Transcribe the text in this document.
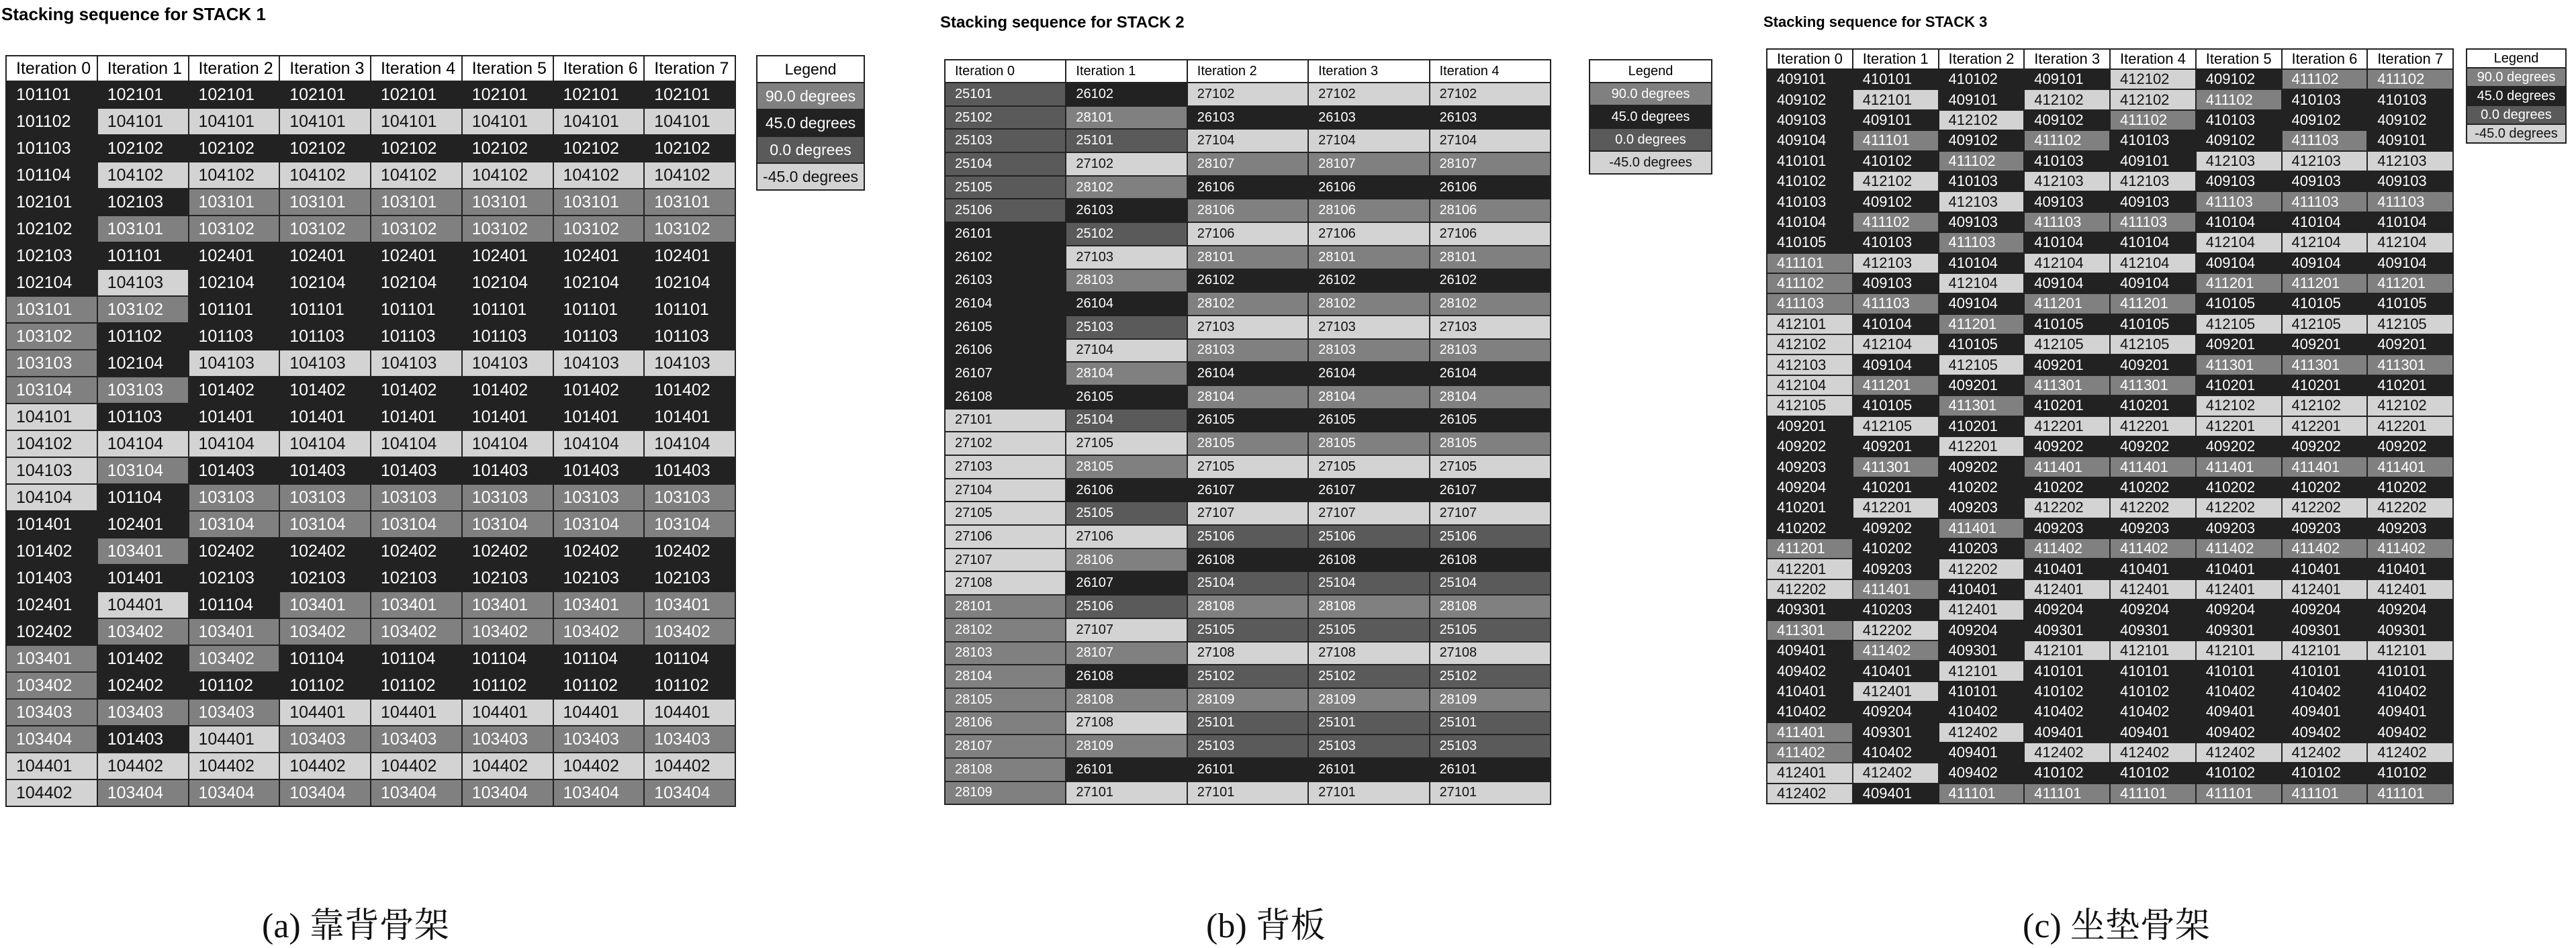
Stacking sequence for STACK 1
Iteration 0	Iteration 1	Iteration 2	Iteration 3	Iteration 4	Iteration 5	Iteration 6	Iteration 7
101101	102101	102101	102101	102101	102101	102101	102101
101102	104101	104101	104101	104101	104101	104101	104101
101103	102102	102102	102102	102102	102102	102102	102102
101104	104102	104102	104102	104102	104102	104102	104102
102101	102103	103101	103101	103101	103101	103101	103101
102102	103101	103102	103102	103102	103102	103102	103102
102103	101101	102401	102401	102401	102401	102401	102401
102104	104103	102104	102104	102104	102104	102104	102104
103101	103102	101101	101101	101101	101101	101101	101101
103102	101102	101103	101103	101103	101103	101103	101103
103103	102104	104103	104103	104103	104103	104103	104103
103104	103103	101402	101402	101402	101402	101402	101402
104101	101103	101401	101401	101401	101401	101401	101401
104102	104104	104104	104104	104104	104104	104104	104104
104103	103104	101403	101403	101403	101403	101403	101403
104104	101104	103103	103103	103103	103103	103103	103103
101401	102401	103104	103104	103104	103104	103104	103104
101402	103401	102402	102402	102402	102402	102402	102402
101403	101401	102103	102103	102103	102103	102103	102103
102401	104401	101104	103401	103401	103401	103401	103401
102402	103402	103401	103402	103402	103402	103402	103402
103401	101402	103402	101104	101104	101104	101104	101104
103402	102402	101102	101102	101102	101102	101102	101102
103403	103403	103403	104401	104401	104401	104401	104401
103404	101403	104401	103403	103403	103403	103403	103403
104401	104402	104402	104402	104402	104402	104402	104402
104402	103404	103404	103404	103404	103404	103404	103404
Legend
90.0 degrees
45.0 degrees
0.0 degrees
-45.0 degrees
(a) 靠背骨架
Stacking sequence for STACK 2
Iteration 0	Iteration 1	Iteration 2	Iteration 3	Iteration 4
25101	26102	27102	27102	27102
25102	28101	26103	26103	26103
25103	25101	27104	27104	27104
25104	27102	28107	28107	28107
25105	28102	26106	26106	26106
25106	26103	28106	28106	28106
26101	25102	27106	27106	27106
26102	27103	28101	28101	28101
26103	28103	26102	26102	26102
26104	26104	28102	28102	28102
26105	25103	27103	27103	27103
26106	27104	28103	28103	28103
26107	28104	26104	26104	26104
26108	26105	28104	28104	28104
27101	25104	26105	26105	26105
27102	27105	28105	28105	28105
27103	28105	27105	27105	27105
27104	26106	26107	26107	26107
27105	25105	27107	27107	27107
27106	27106	25106	25106	25106
27107	28106	26108	26108	26108
27108	26107	25104	25104	25104
28101	25106	28108	28108	28108
28102	27107	25105	25105	25105
28103	28107	27108	27108	27108
28104	26108	25102	25102	25102
28105	28108	28109	28109	28109
28106	27108	25101	25101	25101
28107	28109	25103	25103	25103
28108	26101	26101	26101	26101
28109	27101	27101	27101	27101
Legend
90.0 degrees
45.0 degrees
0.0 degrees
-45.0 degrees
(b) 背板
Stacking sequence for STACK 3
Iteration 0	Iteration 1	Iteration 2	Iteration 3	Iteration 4	Iteration 5	Iteration 6	Iteration 7
409101	410101	410102	409101	412102	409102	411102	411102
409102	412101	409101	412102	412102	411102	410103	410103
409103	409101	412102	409102	411102	410103	409102	409102
409104	411101	409102	411102	410103	409102	411103	409101
410101	410102	411102	410103	409101	412103	412103	412103
410102	412102	410103	412103	412103	409103	409103	409103
410103	409102	412103	409103	409103	411103	411103	411103
410104	411102	409103	411103	411103	410104	410104	410104
410105	410103	411103	410104	410104	412104	412104	412104
411101	412103	410104	412104	412104	409104	409104	409104
411102	409103	412104	409104	409104	411201	411201	411201
411103	411103	409104	411201	411201	410105	410105	410105
412101	410104	411201	410105	410105	412105	412105	412105
412102	412104	410105	412105	412105	409201	409201	409201
412103	409104	412105	409201	409201	411301	411301	411301
412104	411201	409201	411301	411301	410201	410201	410201
412105	410105	411301	410201	410201	412102	412102	412102
409201	412105	410201	412201	412201	412201	412201	412201
409202	409201	412201	409202	409202	409202	409202	409202
409203	411301	409202	411401	411401	411401	411401	411401
409204	410201	410202	410202	410202	410202	410202	410202
410201	412201	409203	412202	412202	412202	412202	412202
410202	409202	411401	409203	409203	409203	409203	409203
411201	410202	410203	411402	411402	411402	411402	411402
412201	409203	412202	410401	410401	410401	410401	410401
412202	411401	410401	412401	412401	412401	412401	412401
409301	410203	412401	409204	409204	409204	409204	409204
411301	412202	409204	409301	409301	409301	409301	409301
409401	411402	409301	412101	412101	412101	412101	412101
409402	410401	412101	410101	410101	410101	410101	410101
410401	412401	410101	410102	410102	410402	410402	410402
410402	409204	410402	410402	410402	409401	409401	409401
411401	409301	412402	409401	409401	409402	409402	409402
411402	410402	409401	412402	412402	412402	412402	412402
412401	412402	409402	410102	410102	410102	410102	410102
412402	409401	411101	411101	411101	411101	411101	411101
Legend
90.0 degrees
45.0 degrees
0.0 degrees
-45.0 degrees
(c) 坐垫骨架
